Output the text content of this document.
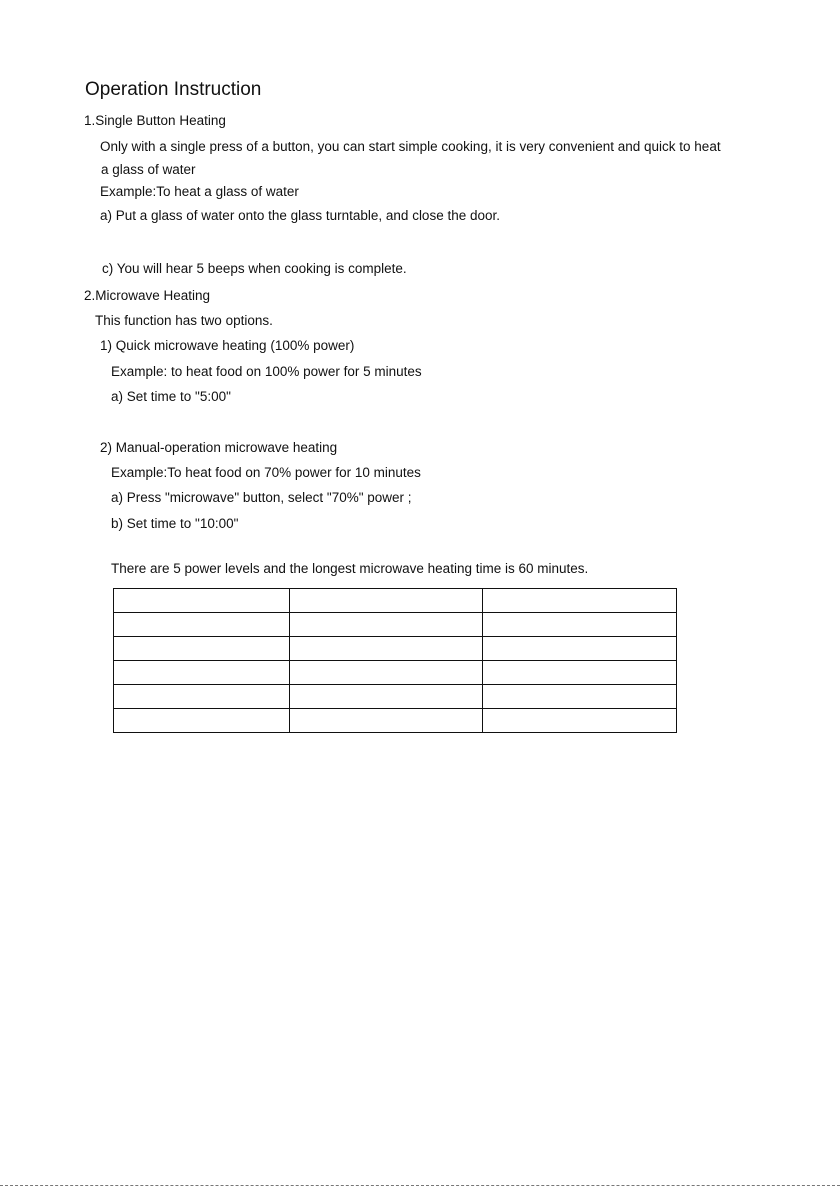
Operation Instruction
1.Single Button Heating
Only with a single press of a button, you can start simple cooking, it is very convenient and quick to heat
a glass of water
Example:To heat a glass of water
a) Put a glass of water onto the glass turntable, and close the door.
c) You will hear 5 beeps when cooking is complete.
2.Microwave Heating
This function has two options.
1) Quick microwave heating (100% power)
Example: to heat food on 100% power for 5 minutes
a) Set time to "5:00"
2) Manual-operation microwave heating
Example:To heat food on 70% power for 10 minutes
a) Press "microwave" button, select "70%" power ;
b) Set time to "10:00"
There are 5 power levels and the longest microwave heating time is 60 minutes.
